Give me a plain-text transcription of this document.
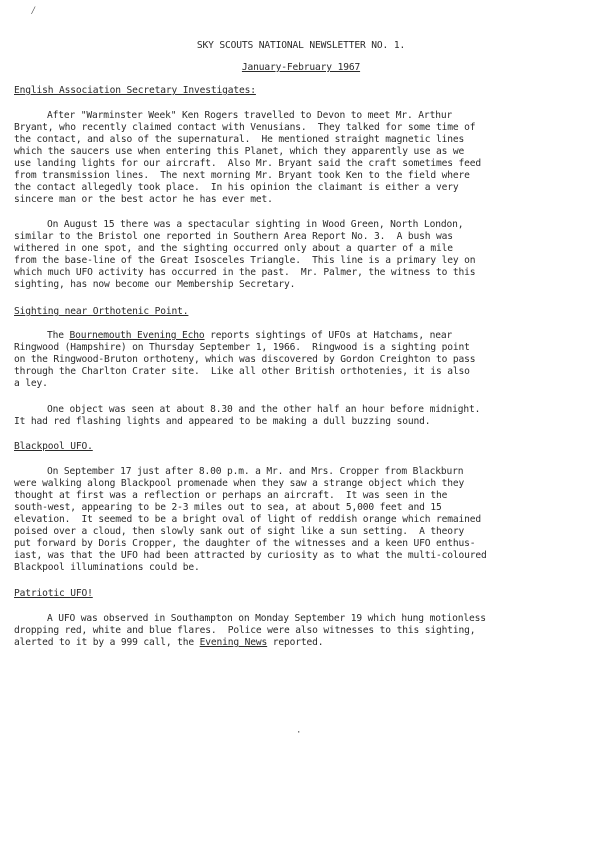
⁄
SKY SCOUTS NATIONAL NEWSLETTER NO. 1.
January-February 1967
English Association Secretary Investigates:
After "Warminster Week" Ken Rogers travelled to Devon to meet Mr. Arthur
Bryant, who recently claimed contact with Venusians.  They talked for some time of
the contact, and also of the supernatural.  He mentioned straight magnetic lines
which the saucers use when entering this Planet, which they apparently use as we
use landing lights for our aircraft.  Also Mr. Bryant said the craft sometimes feed
from transmission lines.  The next morning Mr. Bryant took Ken to the field where
the contact allegedly took place.  In his opinion the claimant is either a very
sincere man or the best actor he has ever met.
On August 15 there was a spectacular sighting in Wood Green, North London,
similar to the Bristol one reported in Southern Area Report No. 3.  A bush was
withered in one spot, and the sighting occurred only about a quarter of a mile
from the base-line of the Great Isosceles Triangle.  This line is a primary ley on
which much UFO activity has occurred in the past.  Mr. Palmer, the witness to this
sighting, has now become our Membership Secretary.
Sighting near Orthotenic Point.
The Bournemouth Evening Echo reports sightings of UFOs at Hatchams, near
Ringwood (Hampshire) on Thursday September 1, 1966.  Ringwood is a sighting point
on the Ringwood-Bruton orthoteny, which was discovered by Gordon Creighton to pass
through the Charlton Crater site.  Like all other British orthotenies, it is also
a ley.
One object was seen at about 8.30 and the other half an hour before midnight.
It had red flashing lights and appeared to be making a dull buzzing sound.
Blackpool UFO.
On September 17 just after 8.00 p.m. a Mr. and Mrs. Cropper from Blackburn
were walking along Blackpool promenade when they saw a strange object which they
thought at first was a reflection or perhaps an aircraft.  It was seen in the
south-west, appearing to be 2-3 miles out to sea, at about 5,000 feet and 15
elevation.  It seemed to be a bright oval of light of reddish orange which remained
poised over a cloud, then slowly sank out of sight like a sun setting.  A theory
put forward by Doris Cropper, the daughter of the witnesses and a keen UFO enthus-
iast, was that the UFO had been attracted by curiosity as to what the multi-coloured
Blackpool illuminations could be.
Patriotic UFO!
A UFO was observed in Southampton on Monday September 19 which hung motionless
dropping red, white and blue flares.  Police were also witnesses to this sighting,
alerted to it by a 999 call, the Evening News reported.
·
